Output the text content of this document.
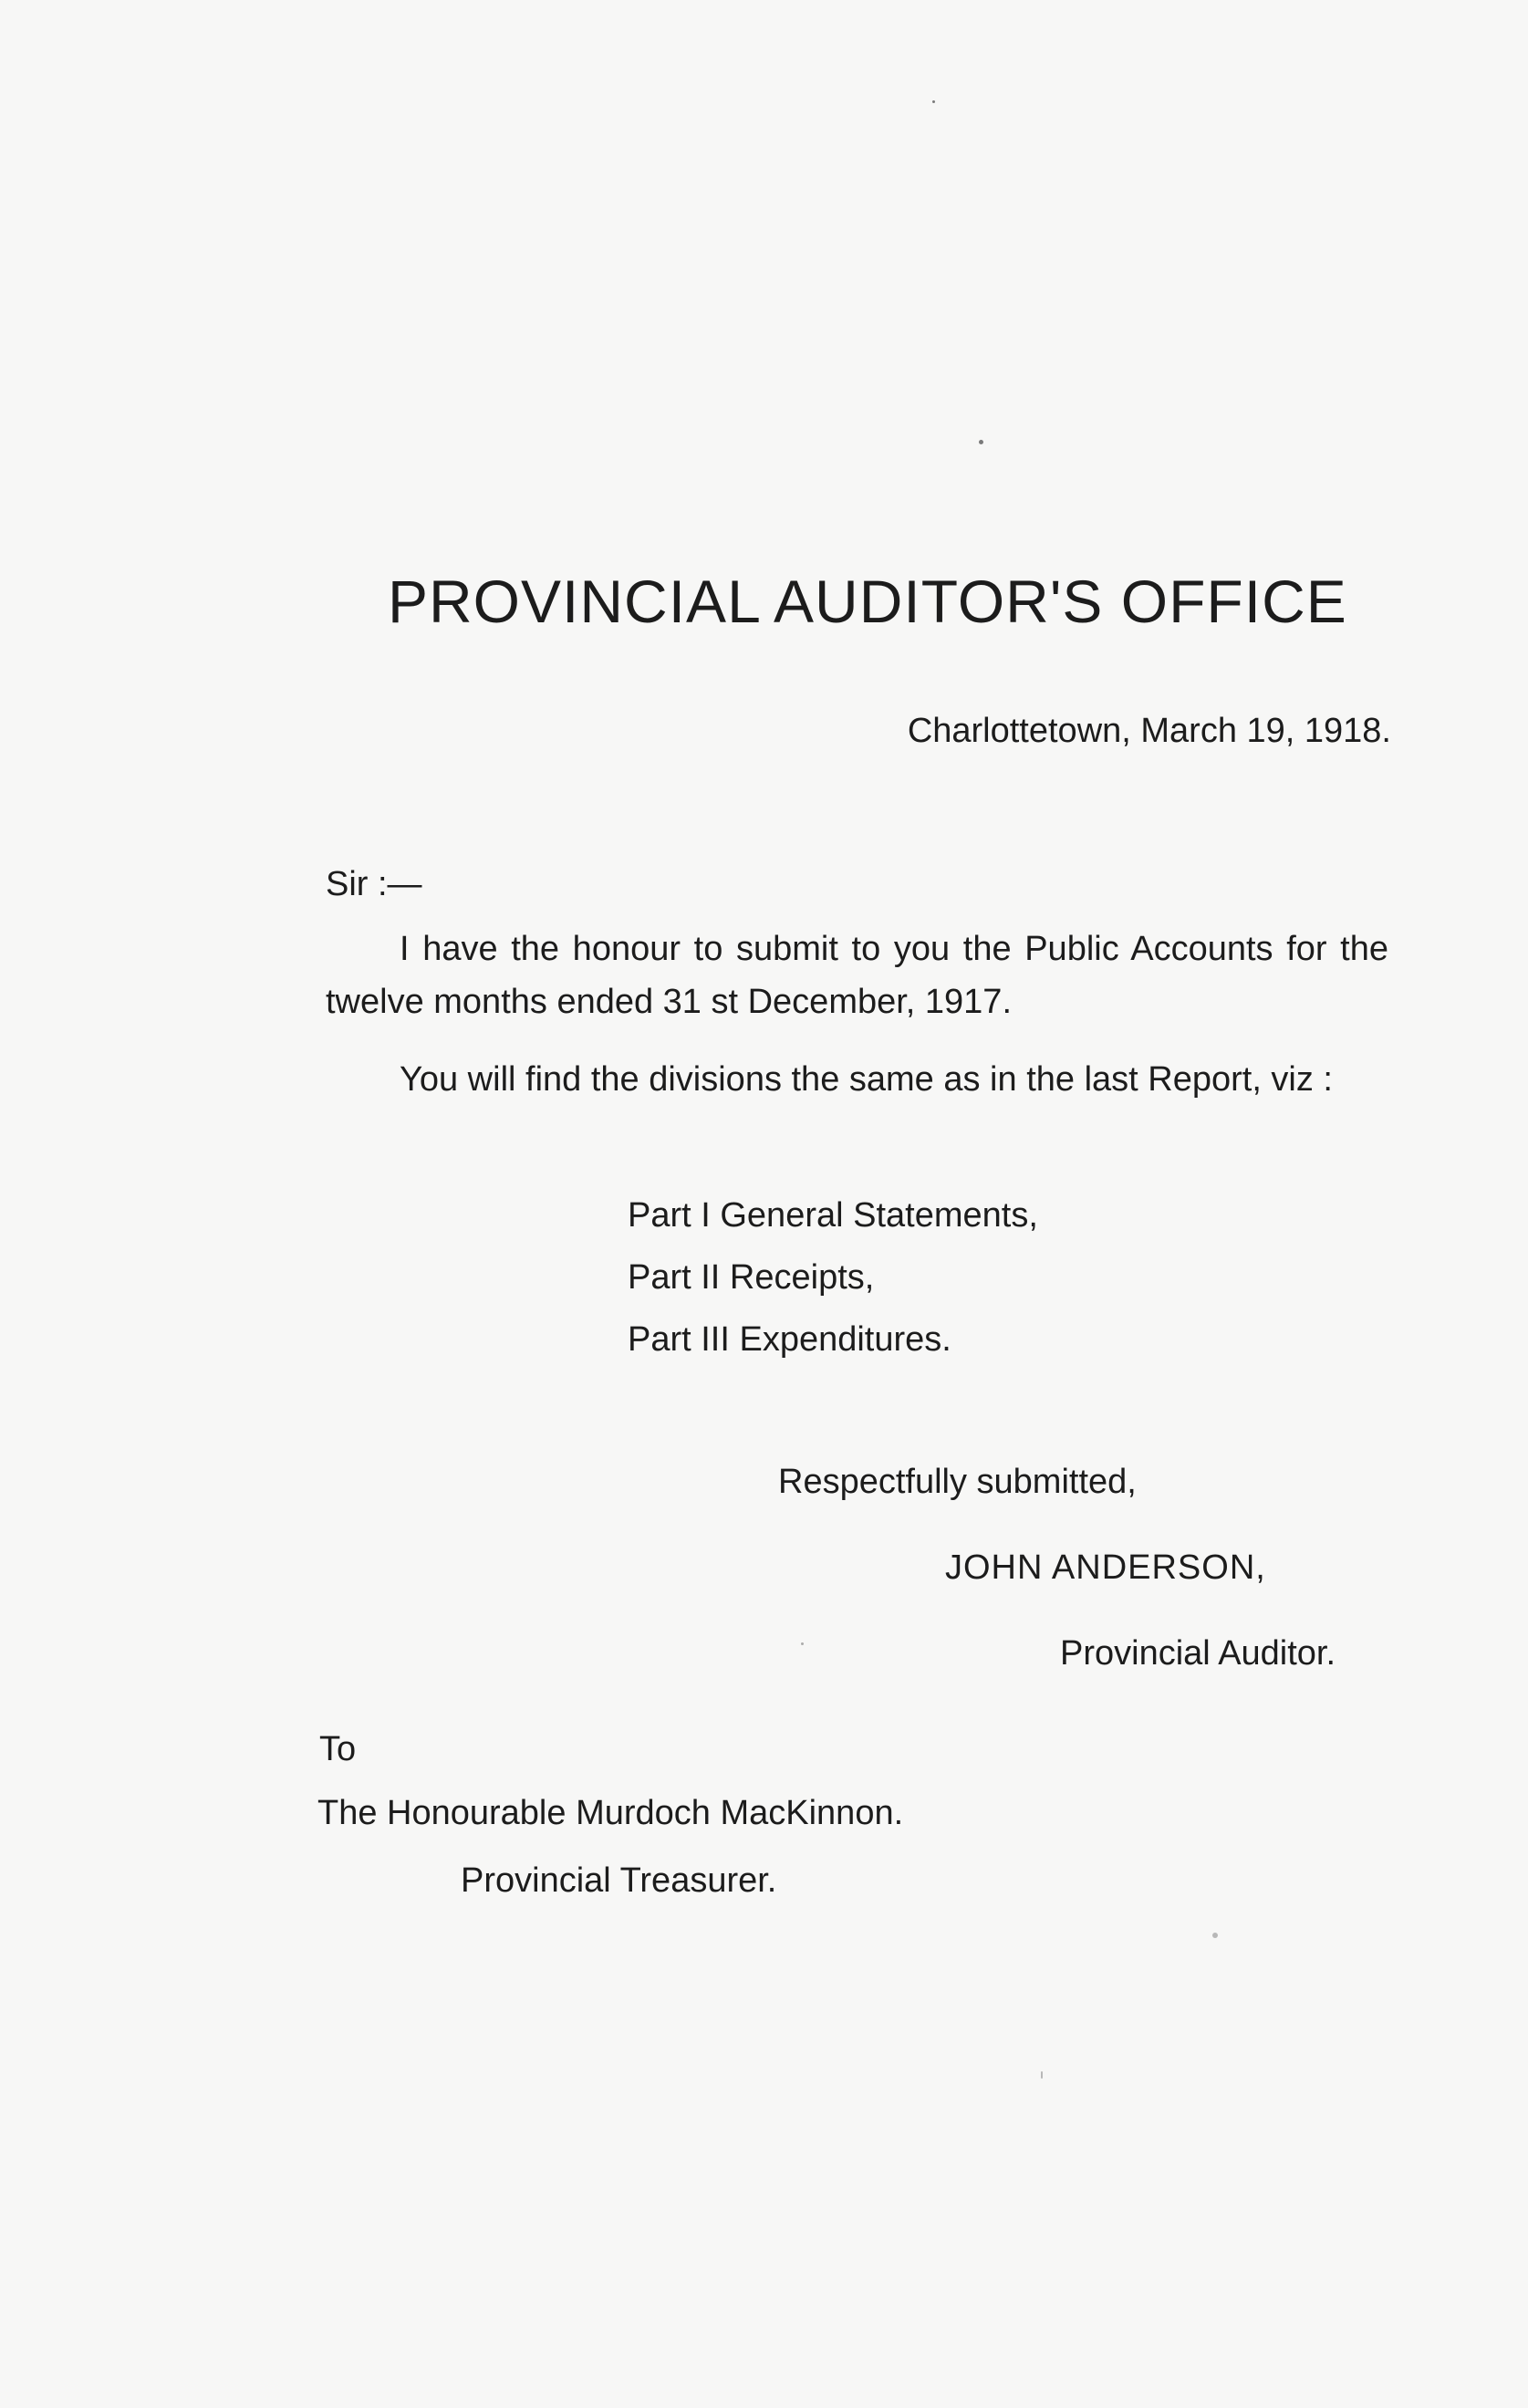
PROVINCIAL AUDITOR'S OFFICE
Charlottetown, March 19, 1918.
Sir :—

I have the honour to submit to you the Public Accounts for the twelve months ended 31 st December, 1917.

You will find the divisions the same as in the last Report, viz :

Part I General Statements,
Part II Receipts,
Part III Expenditures.
Respectfully submitted,
JOHN ANDERSON,
Provincial Auditor.
To
The Honourable Murdoch MacKinnon.
Provincial Treasurer.
